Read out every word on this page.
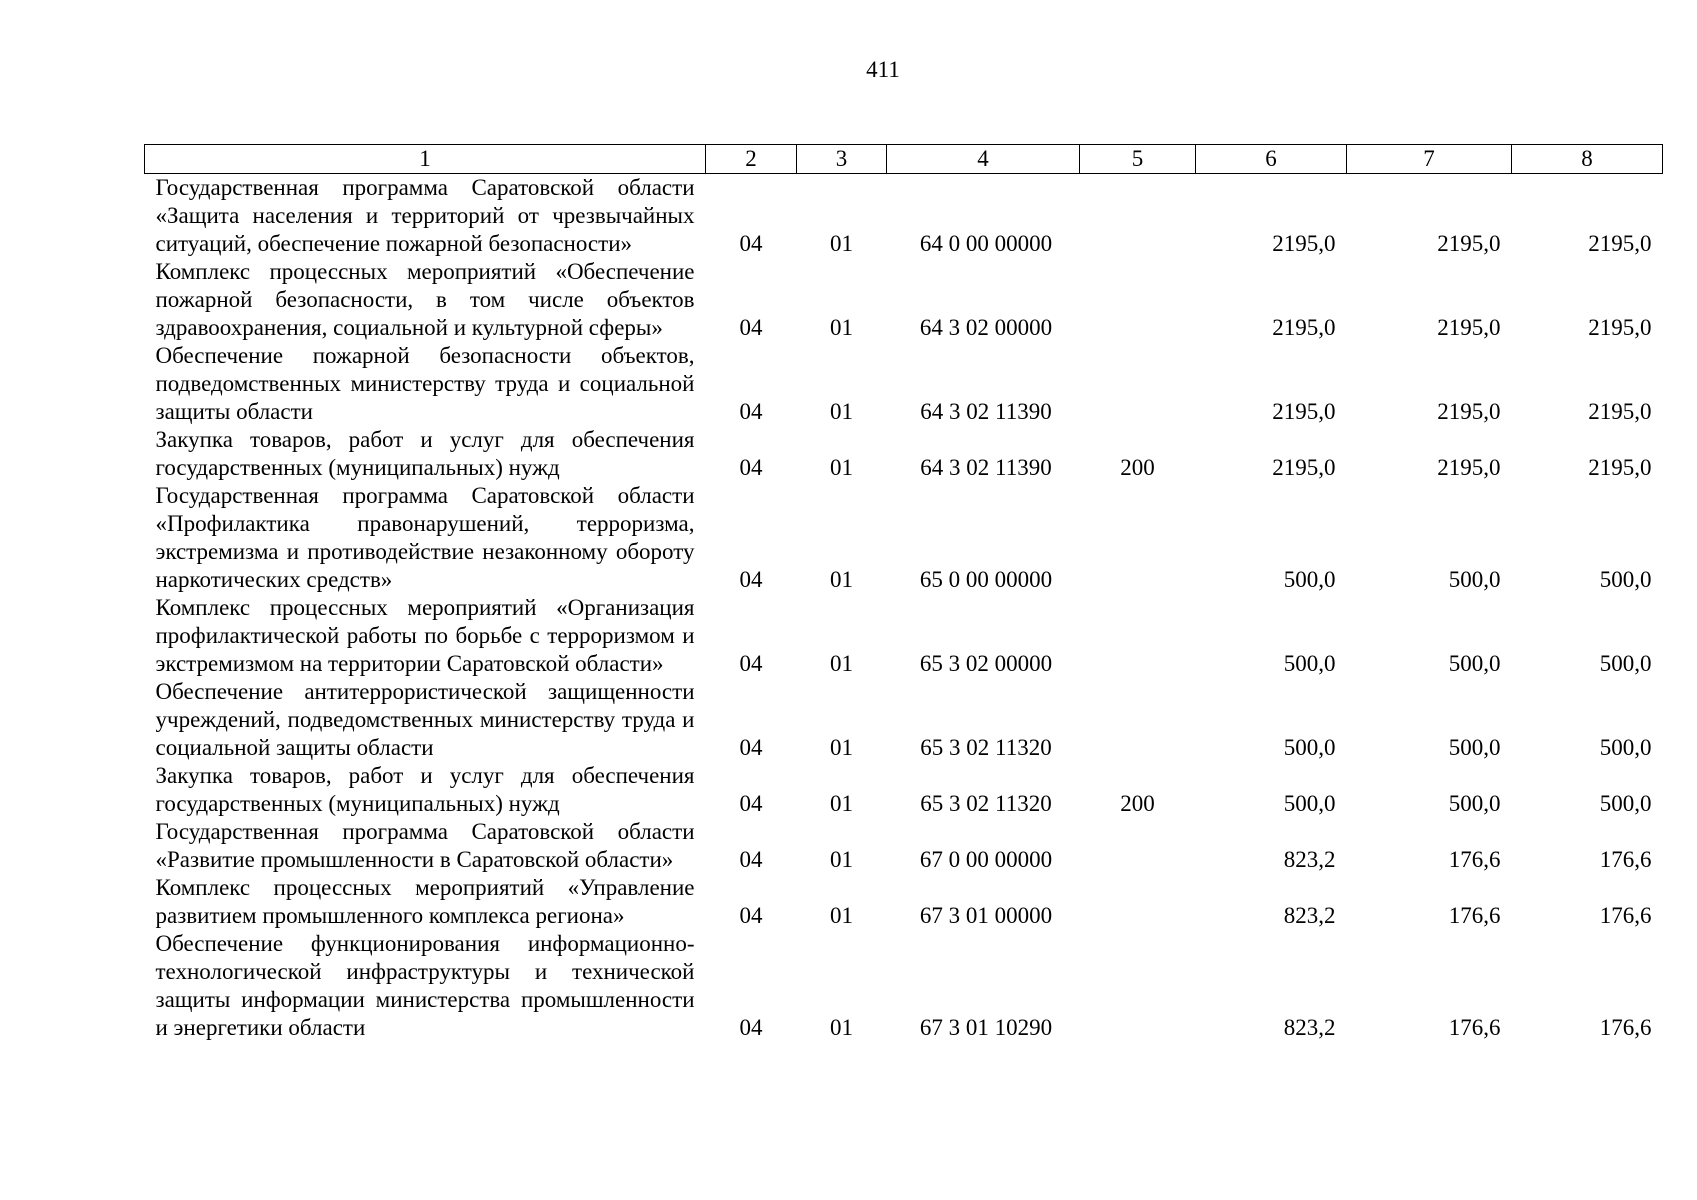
411
1	2	3	4	5	6	7	8
Государственная программа Саратовской области «Защита населения и территорий от чрезвычайных ситуаций, обеспечение пожарной безопасности»	04	01	64 0 00 00000		2195,0	2195,0	2195,0
Комплекс процессных мероприятий «Обеспечение пожарной безопасности, в том числе объектов здравоохранения, социальной и культурной сферы»	04	01	64 3 02 00000		2195,0	2195,0	2195,0
Обеспечение пожарной безопасности объектов, подведомственных министерству труда и социальной защиты области	04	01	64 3 02 11390		2195,0	2195,0	2195,0
Закупка товаров, работ и услуг для обеспечения государственных (муниципальных) нужд	04	01	64 3 02 11390	200	2195,0	2195,0	2195,0
Государственная программа Саратовской области «Профилактика правонарушений, терроризма, экстремизма и противодействие незаконному обороту наркотических средств»	04	01	65 0 00 00000		500,0	500,0	500,0
Комплекс процессных мероприятий «Организация профилактической работы по борьбе с терроризмом и экстремизмом на территории Саратовской области»	04	01	65 3 02 00000		500,0	500,0	500,0
Обеспечение антитеррористической защищенности учреждений, подведомственных министерству труда и социальной защиты области	04	01	65 3 02 11320		500,0	500,0	500,0
Закупка товаров, работ и услуг для обеспечения государственных (муниципальных) нужд	04	01	65 3 02 11320	200	500,0	500,0	500,0
Государственная программа Саратовской области «Развитие промышленности в Саратовской области»	04	01	67 0 00 00000		823,2	176,6	176,6
Комплекс процессных мероприятий «Управление развитием промышленного комплекса региона»	04	01	67 3 01 00000		823,2	176,6	176,6
Обеспечение функционирования информационно-технологической инфраструктуры и технической защиты информации министерства промышленности и энергетики области	04	01	67 3 01 10290		823,2	176,6	176,6
